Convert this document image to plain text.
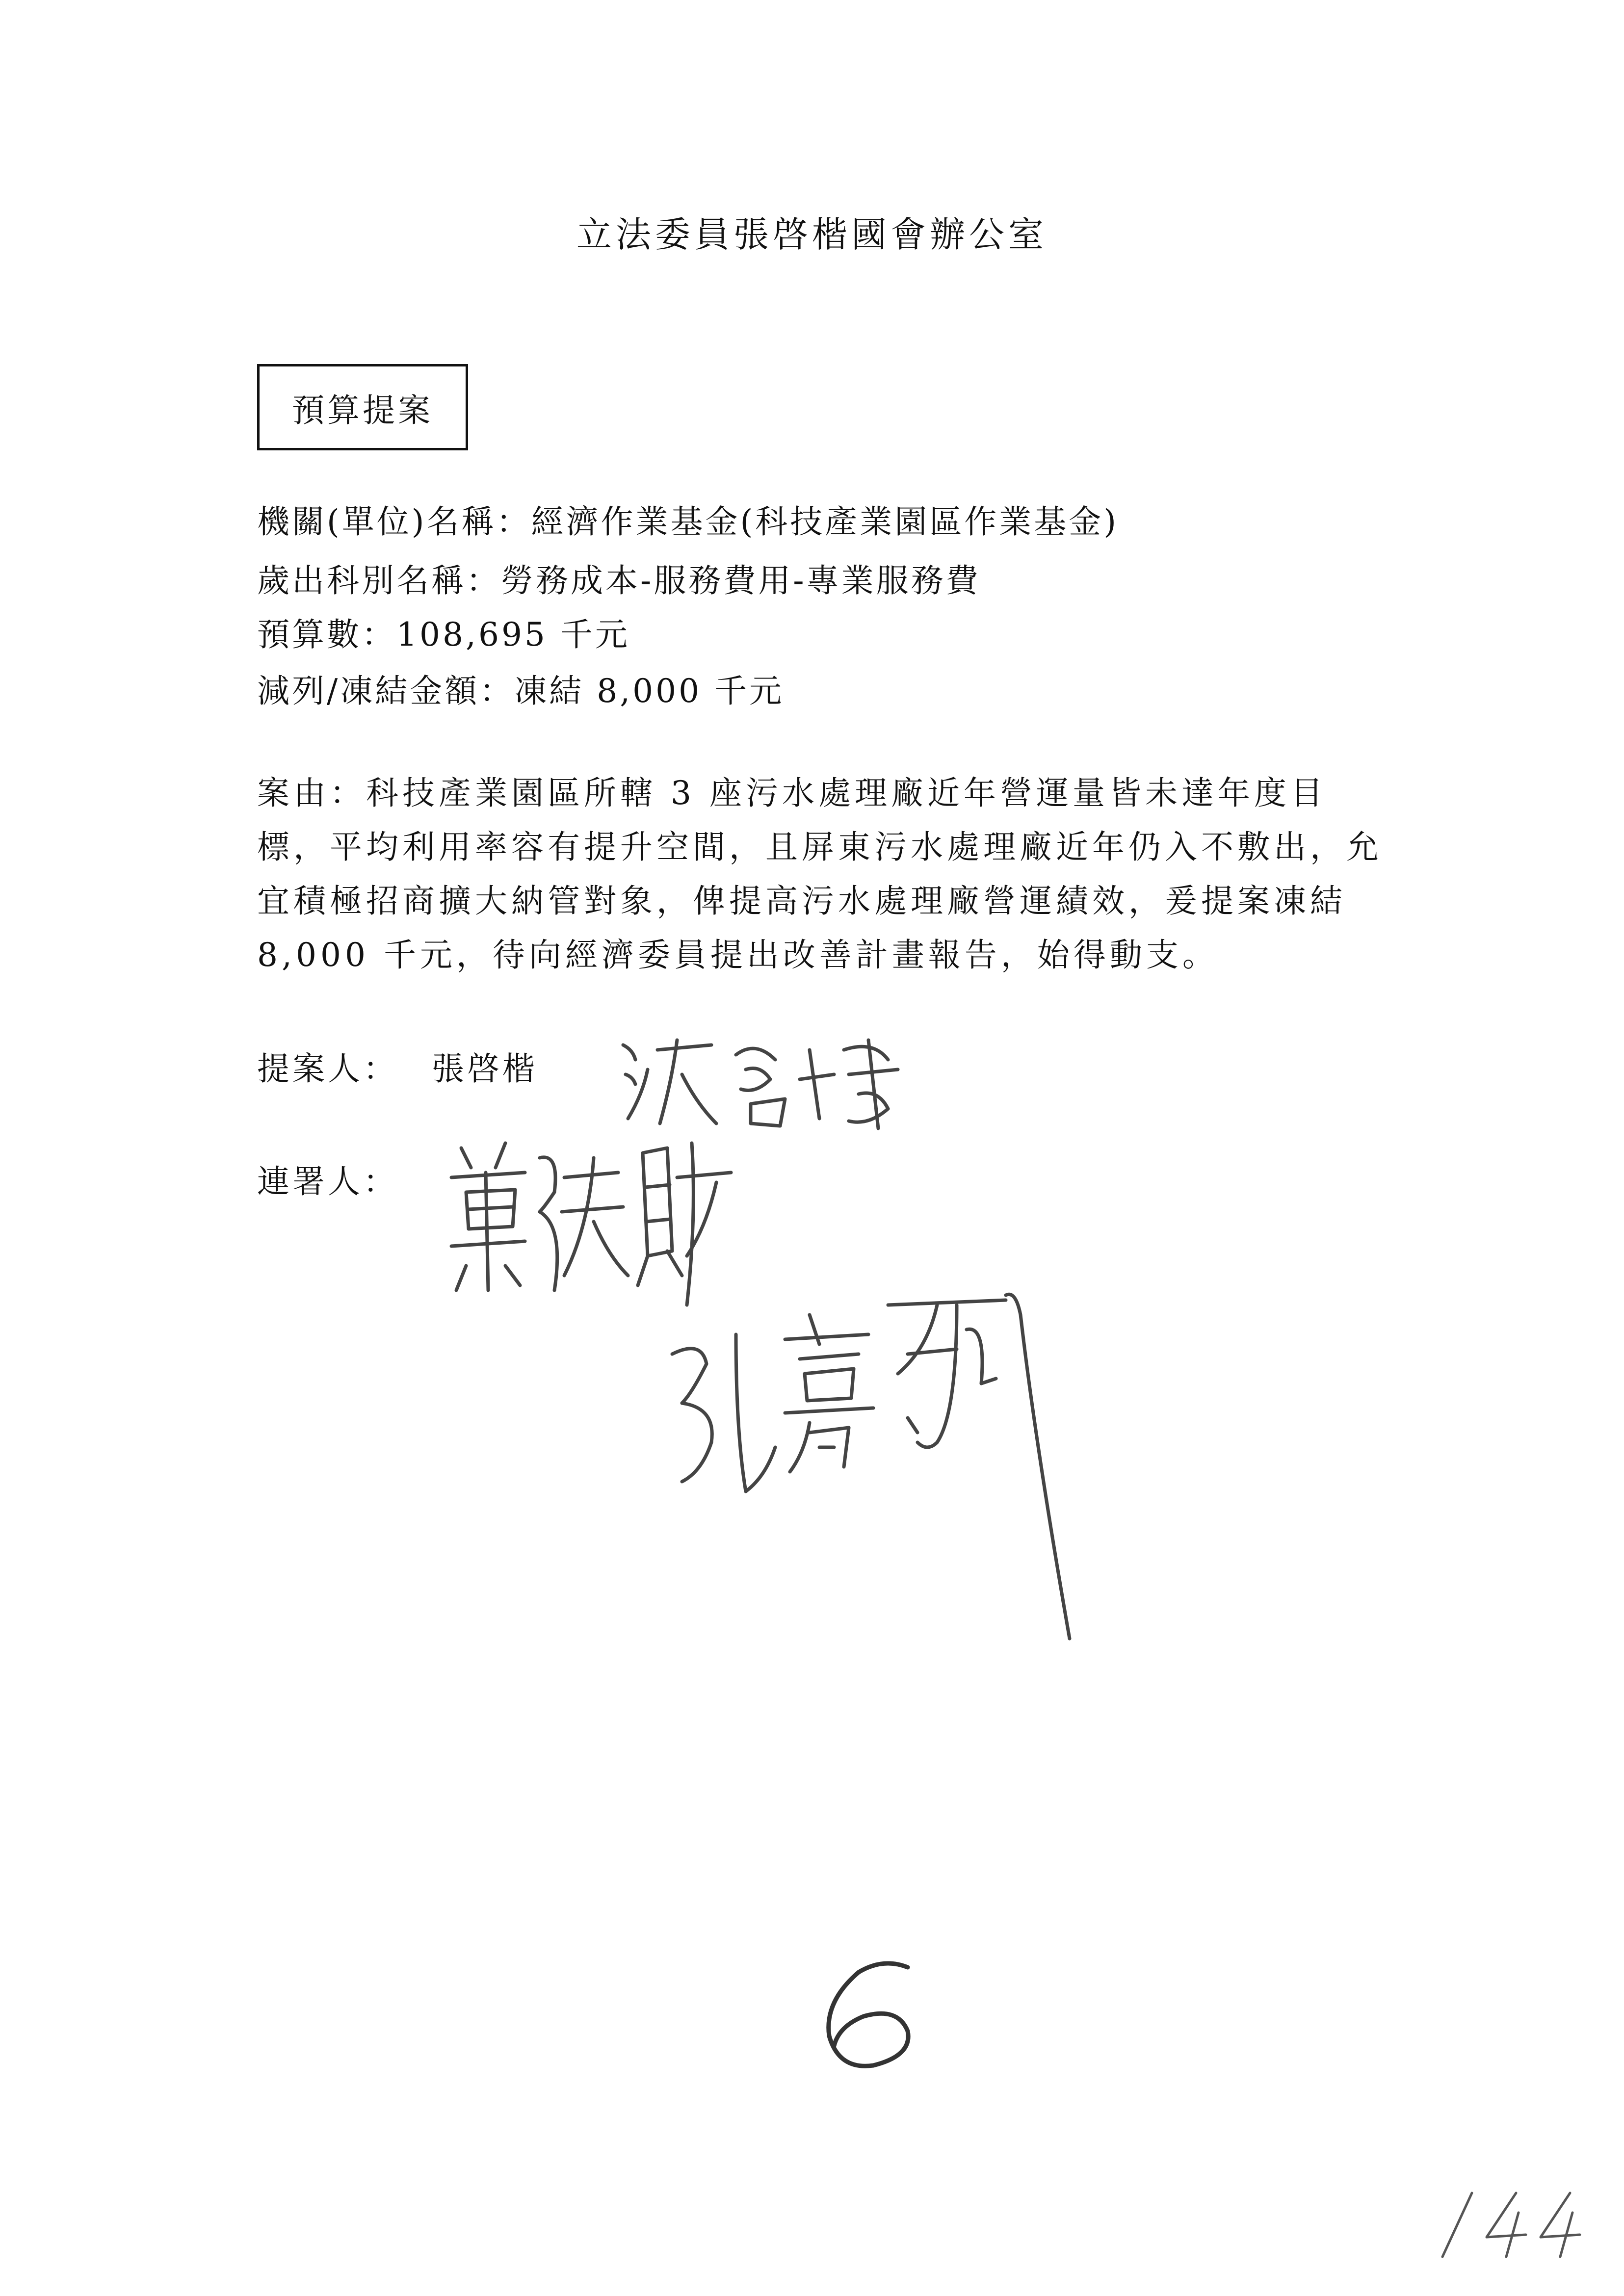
立法委員張啓楷國會辦公室
預算提案
機關(單位)名稱：經濟作業基金(科技產業園區作業基金)
歲出科別名稱：勞務成本-服務費用-專業服務費
預算數：108,695 千元
減列/凍結金額：凍結 8,000 千元
案由：科技產業園區所轄 3 座污水處理廠近年營運量皆未達年度目標，平均利用率容有提升空間，且屏東污水處理廠近年仍入不敷出，允宜積極招商擴大納管對象，俾提高污水處理廠營運績效，爰提案凍結 8,000 千元，待向經濟委員提出改善計畫報告，始得動支。
提案人： 張啓楷
連署人：
